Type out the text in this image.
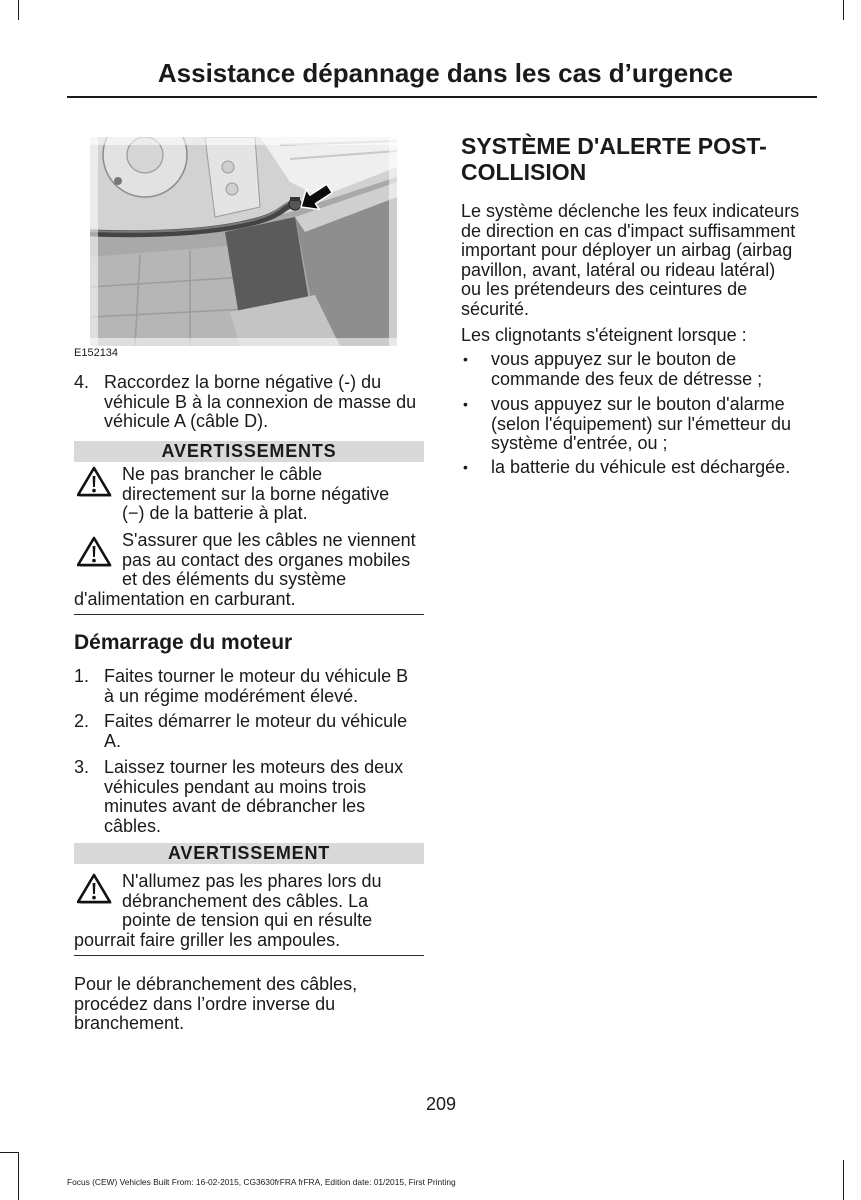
Assistance dépannage dans les cas d’urgence
E152134
4. Raccordez la borne négative (-) du
véhicule B à la connexion de masse du
véhicule A (câble D).
AVERTISSEMENTS
Ne pas brancher le câble
directement sur la borne négative
(−) de la batterie à plat.
S'assurer que les câbles ne viennent
pas au contact des organes mobiles
et des éléments du système
d'alimentation en carburant.
Démarrage du moteur
1. Faites tourner le moteur du véhicule B
à un régime modérément élevé.
2. Faites démarrer le moteur du véhicule
A.
3. Laissez tourner les moteurs des deux
véhicules pendant au moins trois
minutes avant de débrancher les
câbles.
AVERTISSEMENT
N'allumez pas les phares lors du
débranchement des câbles. La
pointe de tension qui en résulte
pourrait faire griller les ampoules.
Pour le débranchement des câbles,
procédez dans l’ordre inverse du
branchement.
SYSTÈME D'ALERTE POST-
COLLISION
Le système déclenche les feux indicateurs
de direction en cas d'impact suffisamment
important pour déployer un airbag (airbag
pavillon, avant, latéral ou rideau latéral)
ou les prétendeurs des ceintures de
sécurité.
Les clignotants s'éteignent lorsque :
• vous appuyez sur le bouton de
commande des feux de détresse ;
• vous appuyez sur le bouton d'alarme
(selon l'équipement) sur l'émetteur du
système d'entrée, ou ;
• la batterie du véhicule est déchargée.
209
Focus (CEW) Vehicles Built From: 16-02-2015, CG3630frFRA frFRA, Edition date: 01/2015, First Printing
